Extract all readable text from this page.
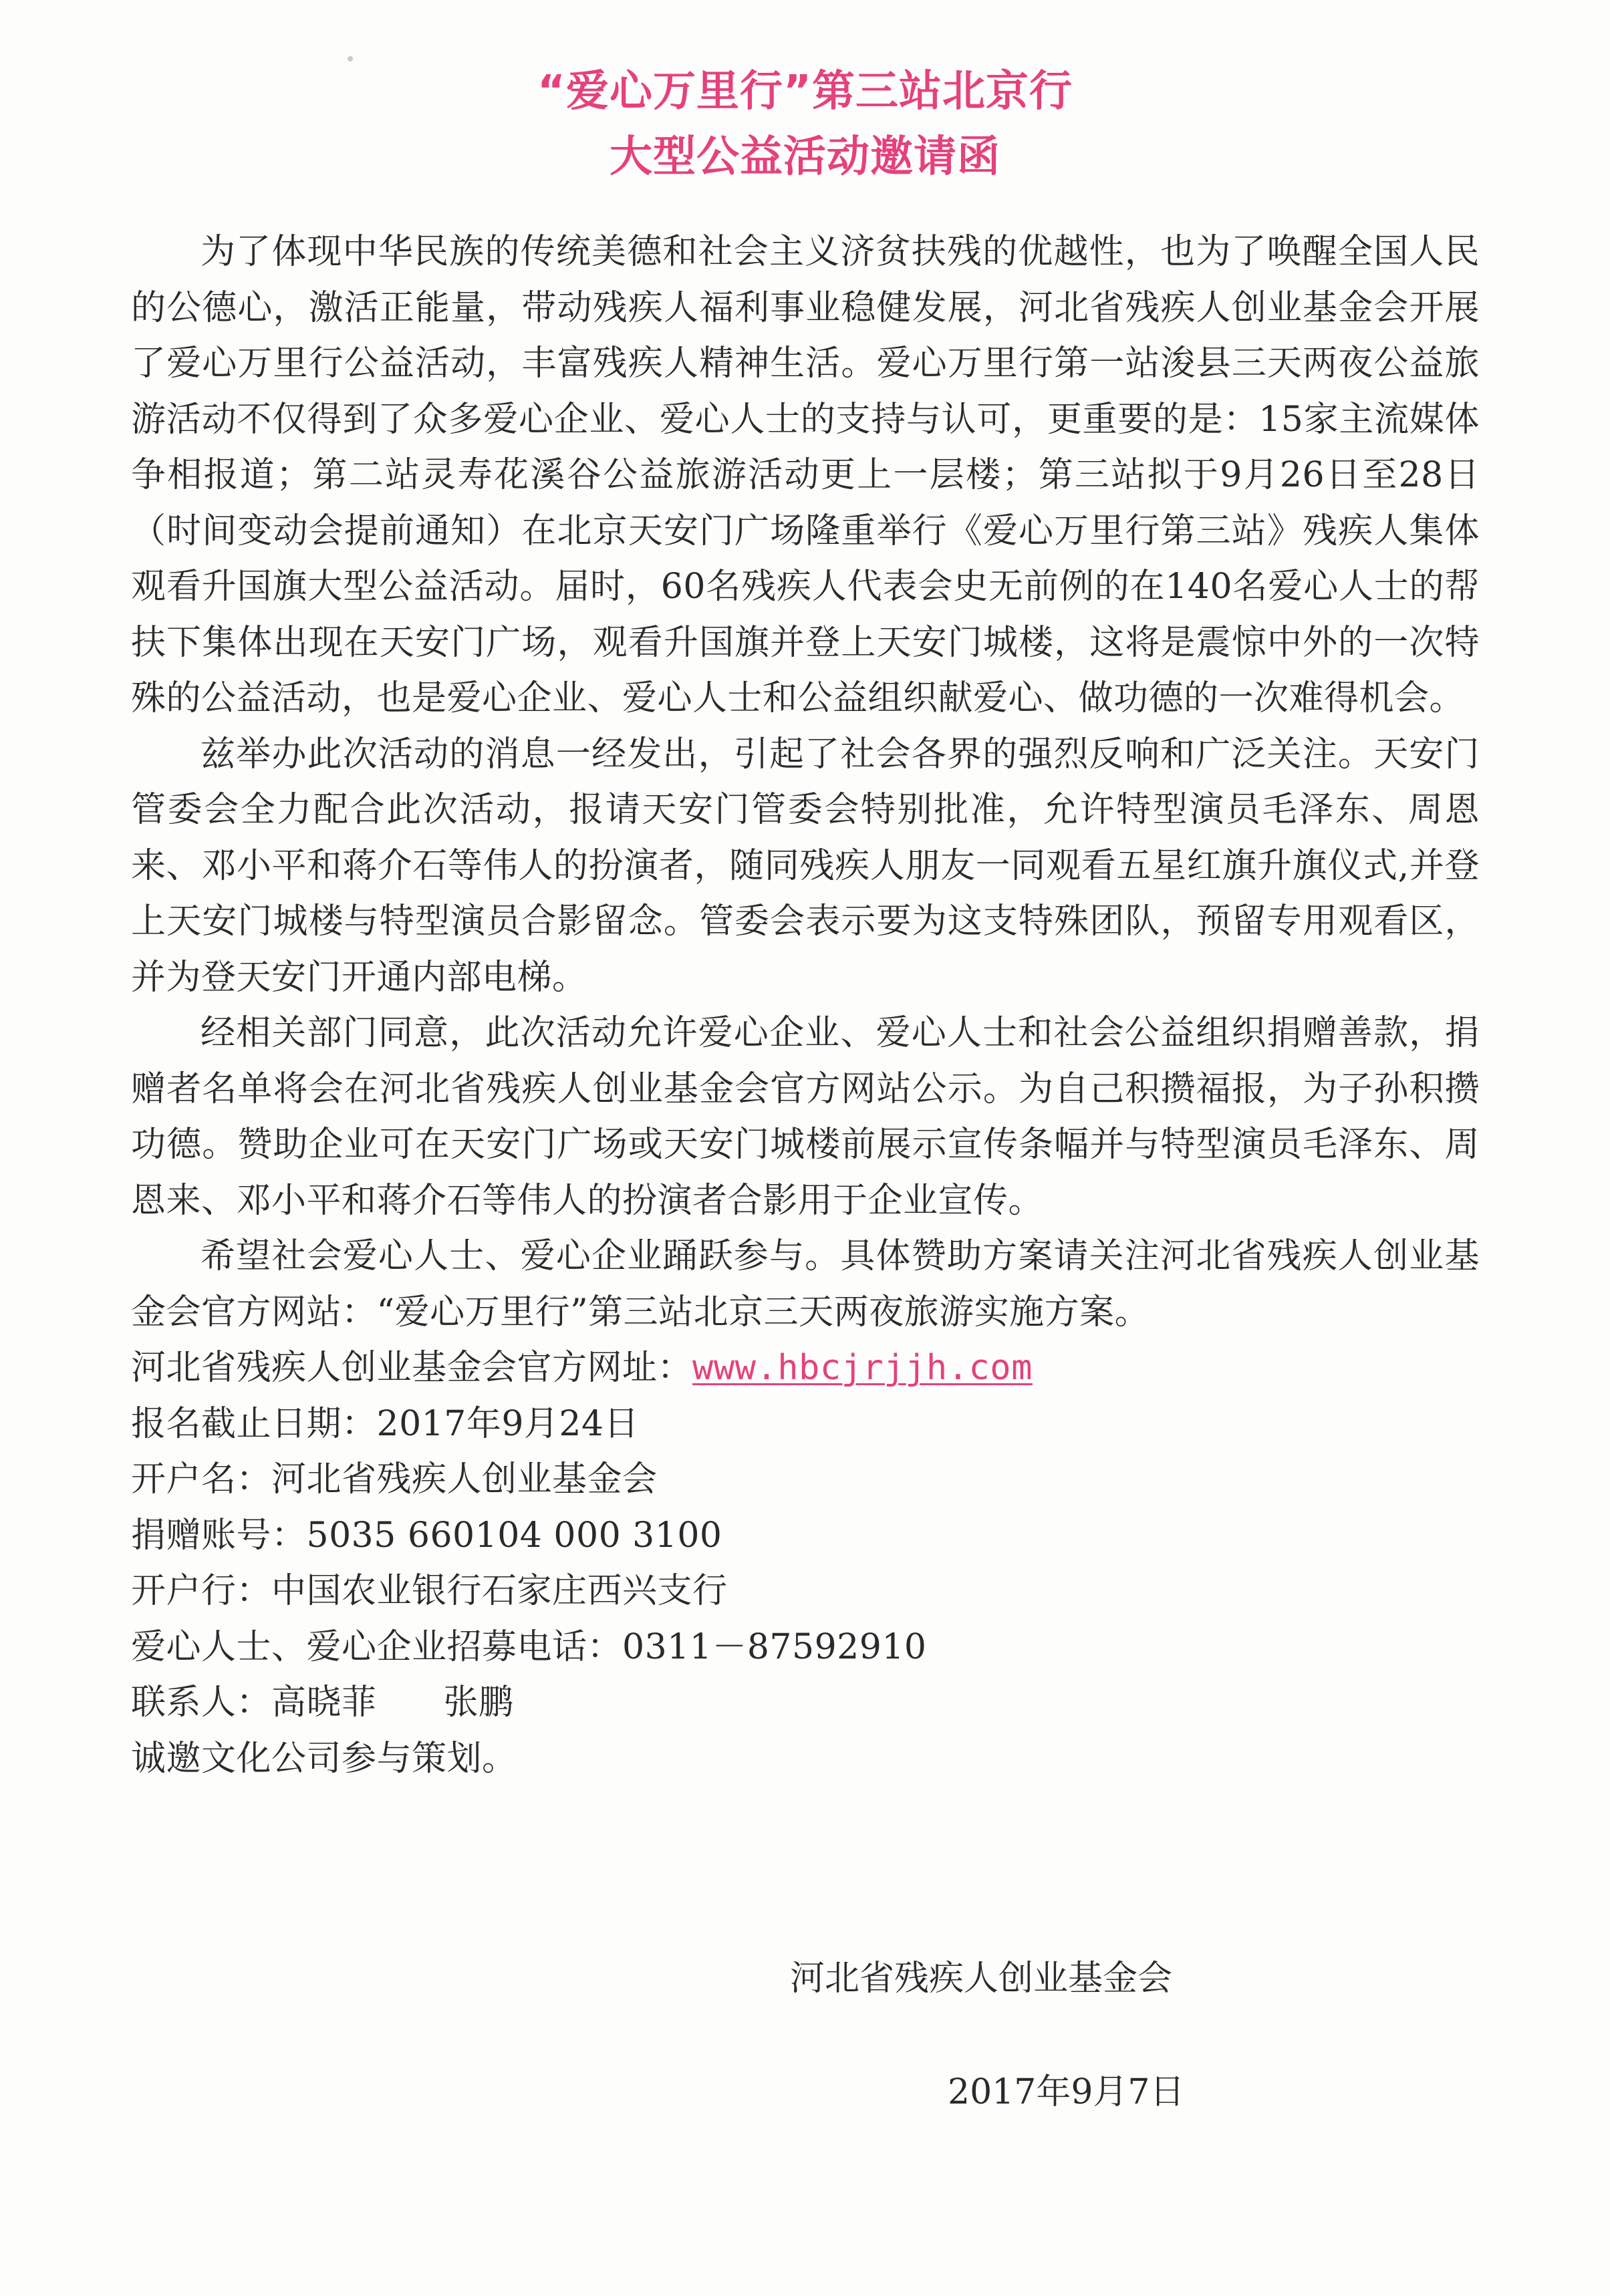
“爱心万里行”第三站北京行
大型公益活动邀请函

为了体现中华民族的传统美德和社会主义济贫扶残的优越性，也为了唤醒全国人民的公德心，激活正能量，带动残疾人福利事业稳健发展，河北省残疾人创业基金会开展了爱心万里行公益活动，丰富残疾人精神生活。爱心万里行第一站浚县三天两夜公益旅游活动不仅得到了众多爱心企业、爱心人士的支持与认可，更重要的是：15家主流媒体争相报道；第二站灵寿花溪谷公益旅游活动更上一层楼；第三站拟于9月26日至28日（时间变动会提前通知）在北京天安门广场隆重举行《爱心万里行第三站》残疾人集体观看升国旗大型公益活动。届时，60名残疾人代表会史无前例的在140名爱心人士的帮扶下集体出现在天安门广场，观看升国旗并登上天安门城楼，这将是震惊中外的一次特殊的公益活动，也是爱心企业、爱心人士和公益组织献爱心、做功德的一次难得机会。

兹举办此次活动的消息一经发出，引起了社会各界的强烈反响和广泛关注。天安门管委会全力配合此次活动，报请天安门管委会特别批准，允许特型演员毛泽东、周恩来、邓小平和蒋介石等伟人的扮演者，随同残疾人朋友一同观看五星红旗升旗仪式,并登上天安门城楼与特型演员合影留念。管委会表示要为这支特殊团队，预留专用观看区，并为登天安门开通内部电梯。

经相关部门同意，此次活动允许爱心企业、爱心人士和社会公益组织捐赠善款，捐赠者名单将会在河北省残疾人创业基金会官方网站公示。为自己积攒福报，为子孙积攒功德。赞助企业可在天安门广场或天安门城楼前展示宣传条幅并与特型演员毛泽东、周恩来、邓小平和蒋介石等伟人的扮演者合影用于企业宣传。

希望社会爱心人士、爱心企业踊跃参与。具体赞助方案请关注河北省残疾人创业基金会官方网站：“爱心万里行”第三站北京三天两夜旅游实施方案。

河北省残疾人创业基金会官方网址：www.hbcjrjjh.com

报名截止日期：2017年9月24日

开户名：河北省残疾人创业基金会

捐赠账号：5035 660104 000 3100

开户行：中国农业银行石家庄西兴支行

爱心人士、爱心企业招募电话：0311－87592910

联系人：高晓菲 张鹏

诚邀文化公司参与策划。

河北省残疾人创业基金会
2017年9月7日
